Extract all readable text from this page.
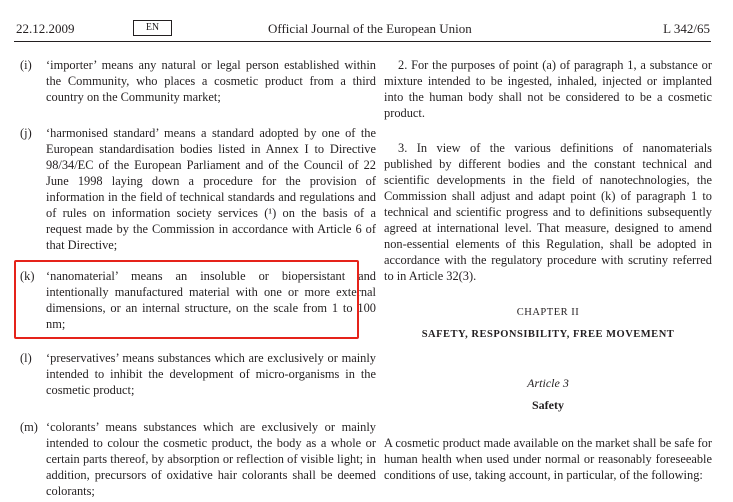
22.12.2009	EN	Official Journal of the European Union	L 342/65
(i) ‘importer’ means any natural or legal person established within the Community, who places a cosmetic product from a third country on the Community market;
(j) ‘harmonised standard’ means a standard adopted by one of the European standardisation bodies listed in Annex I to Directive 98/34/EC of the European Parliament and of the Council of 22 June 1998 laying down a procedure for the provision of information in the field of technical standards and regulations and of rules on information society services (¹) on the basis of a request made by the Commission in accordance with Article 6 of that Directive;
(k) ‘nanomaterial’ means an insoluble or biopersistant and intentionally manufactured material with one or more external dimensions, or an internal structure, on the scale from 1 to 100 nm;
(l) ‘preservatives’ means substances which are exclusively or mainly intended to inhibit the development of micro-organisms in the cosmetic product;
(m) ‘colorants’ means substances which are exclusively or mainly intended to colour the cosmetic product, the body as a whole or certain parts thereof, by absorption or reflection of visible light; in addition, precursors of oxidative hair colorants shall be deemed colorants;
2. For the purposes of point (a) of paragraph 1, a substance or mixture intended to be ingested, inhaled, injected or implanted into the human body shall not be considered to be a cosmetic product.
3. In view of the various definitions of nanomaterials published by different bodies and the constant technical and scientific developments in the field of nanotechnologies, the Commission shall adjust and adapt point (k) of paragraph 1 to technical and scientific progress and to definitions subsequently agreed at international level. That measure, designed to amend non-essential elements of this Regulation, shall be adopted in accordance with the regulatory procedure with scrutiny referred to in Article 32(3).
CHAPTER II
SAFETY, RESPONSIBILITY, FREE MOVEMENT
Article 3
Safety
A cosmetic product made available on the market shall be safe for human health when used under normal or reasonably foreseeable conditions of use, taking account, in particular, of the following:
